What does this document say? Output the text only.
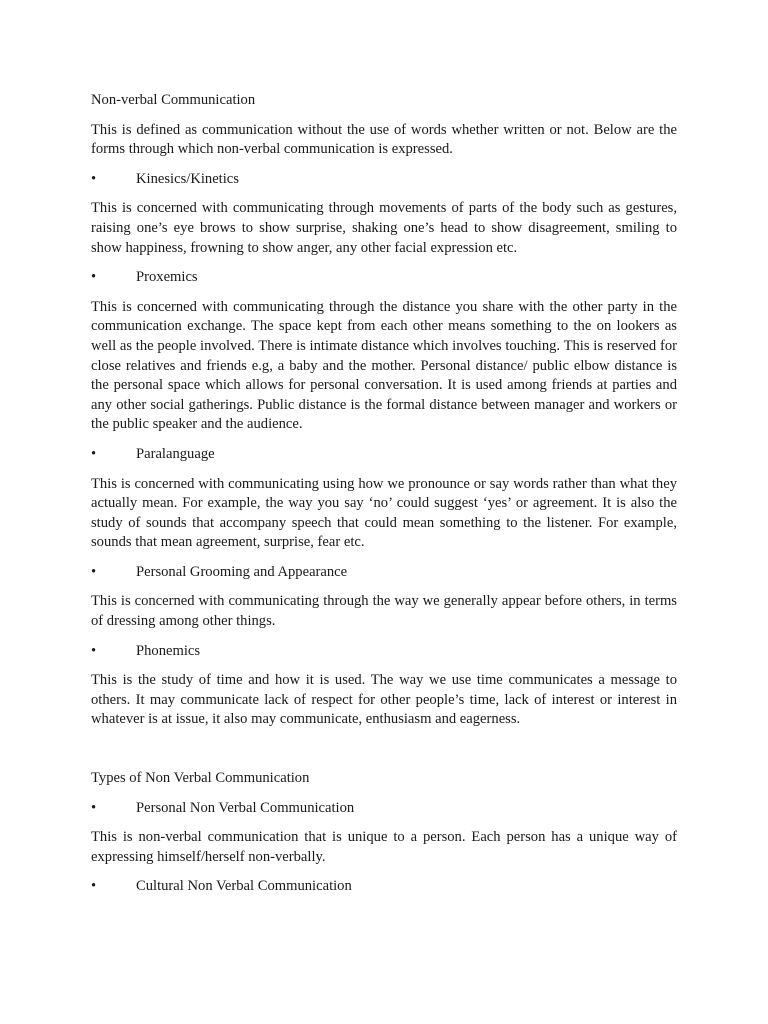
Non-verbal Communication

This is defined as communication without the use of words whether written or not. Below are the forms through which non-verbal communication is expressed.

•	Kinesics/Kinetics

This is concerned with communicating through movements of parts of the body such as gestures, raising one’s eye brows to show surprise, shaking one’s head to show disagreement, smiling to show happiness, frowning to show anger, any other facial expression etc.

•	Proxemics

This is concerned with communicating through the distance you share with the other party in the communication exchange. The space kept from each other means something to the on lookers as well as the people involved. There is intimate distance which involves touching. This is reserved for close relatives and friends e.g, a baby and the mother. Personal distance/ public elbow distance is the personal space which allows for personal conversation. It is used among friends at parties and any other social gatherings. Public distance is the formal distance between manager and workers or the public speaker and the audience.

•	Paralanguage

This is concerned with communicating using how we pronounce or say words rather than what they actually mean. For example, the way you say ‘no’ could suggest ‘yes’ or agreement. It is also the study of sounds that accompany speech that could mean something to the listener. For example, sounds that mean agreement, surprise, fear etc.

•	Personal Grooming and Appearance

This is concerned with communicating through the way we generally appear before others, in terms of dressing among other things.

•	Phonemics

This is the study of time and how it is used. The way we use time communicates a message to others. It may communicate lack of respect for other people’s time, lack of interest or interest in whatever is at issue, it also may communicate, enthusiasm and eagerness.

Types of Non Verbal Communication

•	Personal Non Verbal Communication

This is non-verbal communication that is unique to a person. Each person has a unique way of expressing himself/herself non-verbally.

•	Cultural Non Verbal Communication
